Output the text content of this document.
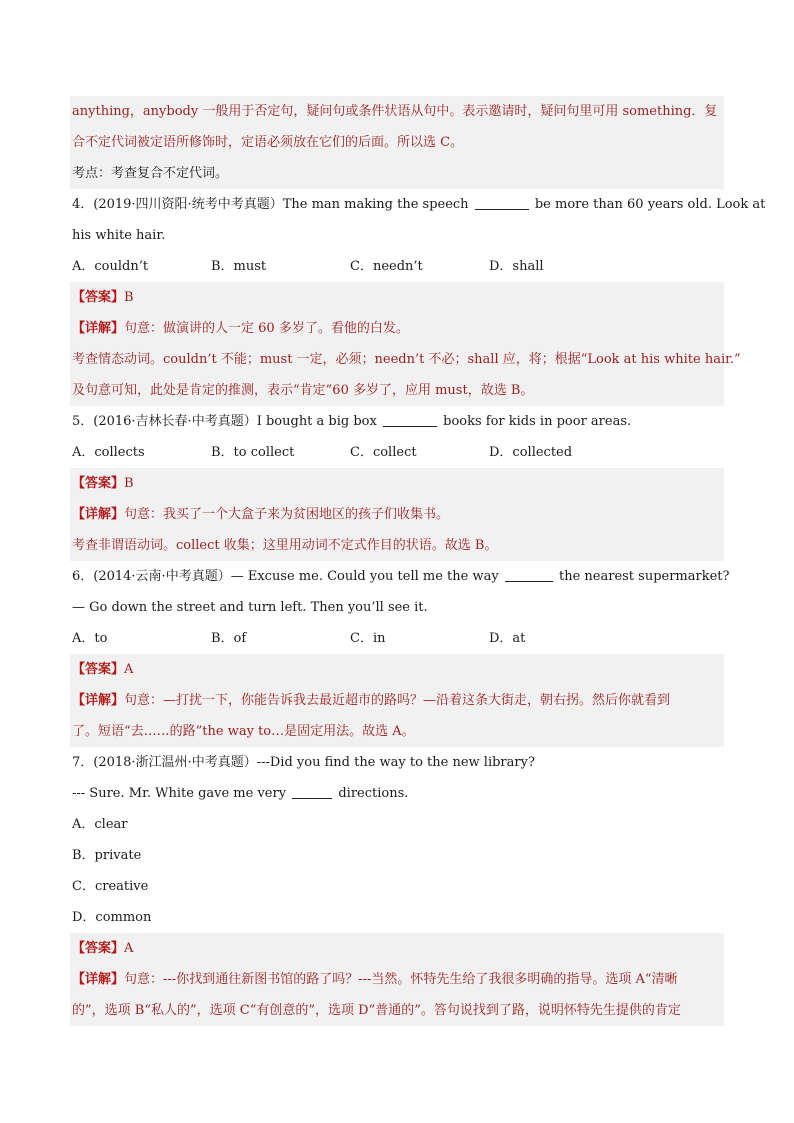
anything，anybody 一般用于否定句，疑问句或条件状语从句中。表示邀请时，疑问句里可用 something．复
合不定代词被定语所修饰时，定语必须放在它们的后面。所以选 C。
考点：考查复合不定代词。
4．(2019·四川资阳·统考中考真题）The man making the speech	be more than 60 years old. Look at
his white hair.
A．couldn’t	B．must	C．needn’t	D．shall
【答案】B
【详解】句意：做演讲的人一定 60 多岁了。看他的白发。
考查情态动词。couldn’t 不能；must 一定，必须；needn’t 不必；shall 应，将；根据“Look at his white hair.”
及句意可知，此处是肯定的推测，表示“肯定”60 多岁了，应用 must，故选 B。
5．(2016·吉林长春·中考真题）I bought a big box	books for kids in poor areas.
A．collects	B．to collect	C．collect	D．collected
【答案】B
【详解】句意：我买了一个大盒子来为贫困地区的孩子们收集书。
考查非谓语动词。collect 收集；这里用动词不定式作目的状语。故选 B。
6．(2014·云南·中考真题）— Excuse me. Could you tell me the way	the nearest supermarket?
— Go down the street and turn left. Then you’ll see it.
A．to	B．of	C．in	D．at
【答案】A
【详解】句意：—打扰一下，你能告诉我去最近超市的路吗？—沿着这条大街走，朝右拐。然后你就看到
了。短语“去……的路”the way to…是固定用法。故选 A。
7．(2018·浙江温州·中考真题）---Did you find the way to the new library?
--- Sure. Mr. White gave me very	directions.
A．clear
B．private
C．creative
D．common
【答案】A
【详解】句意：---你找到通往新图书馆的路了吗？---当然。怀特先生给了我很多明确的指导。选项 A“清晰
的”，选项 B“私人的”，选项 C“有创意的”，选项 D“普通的”。答句说找到了路，说明怀特先生提供的肯定
